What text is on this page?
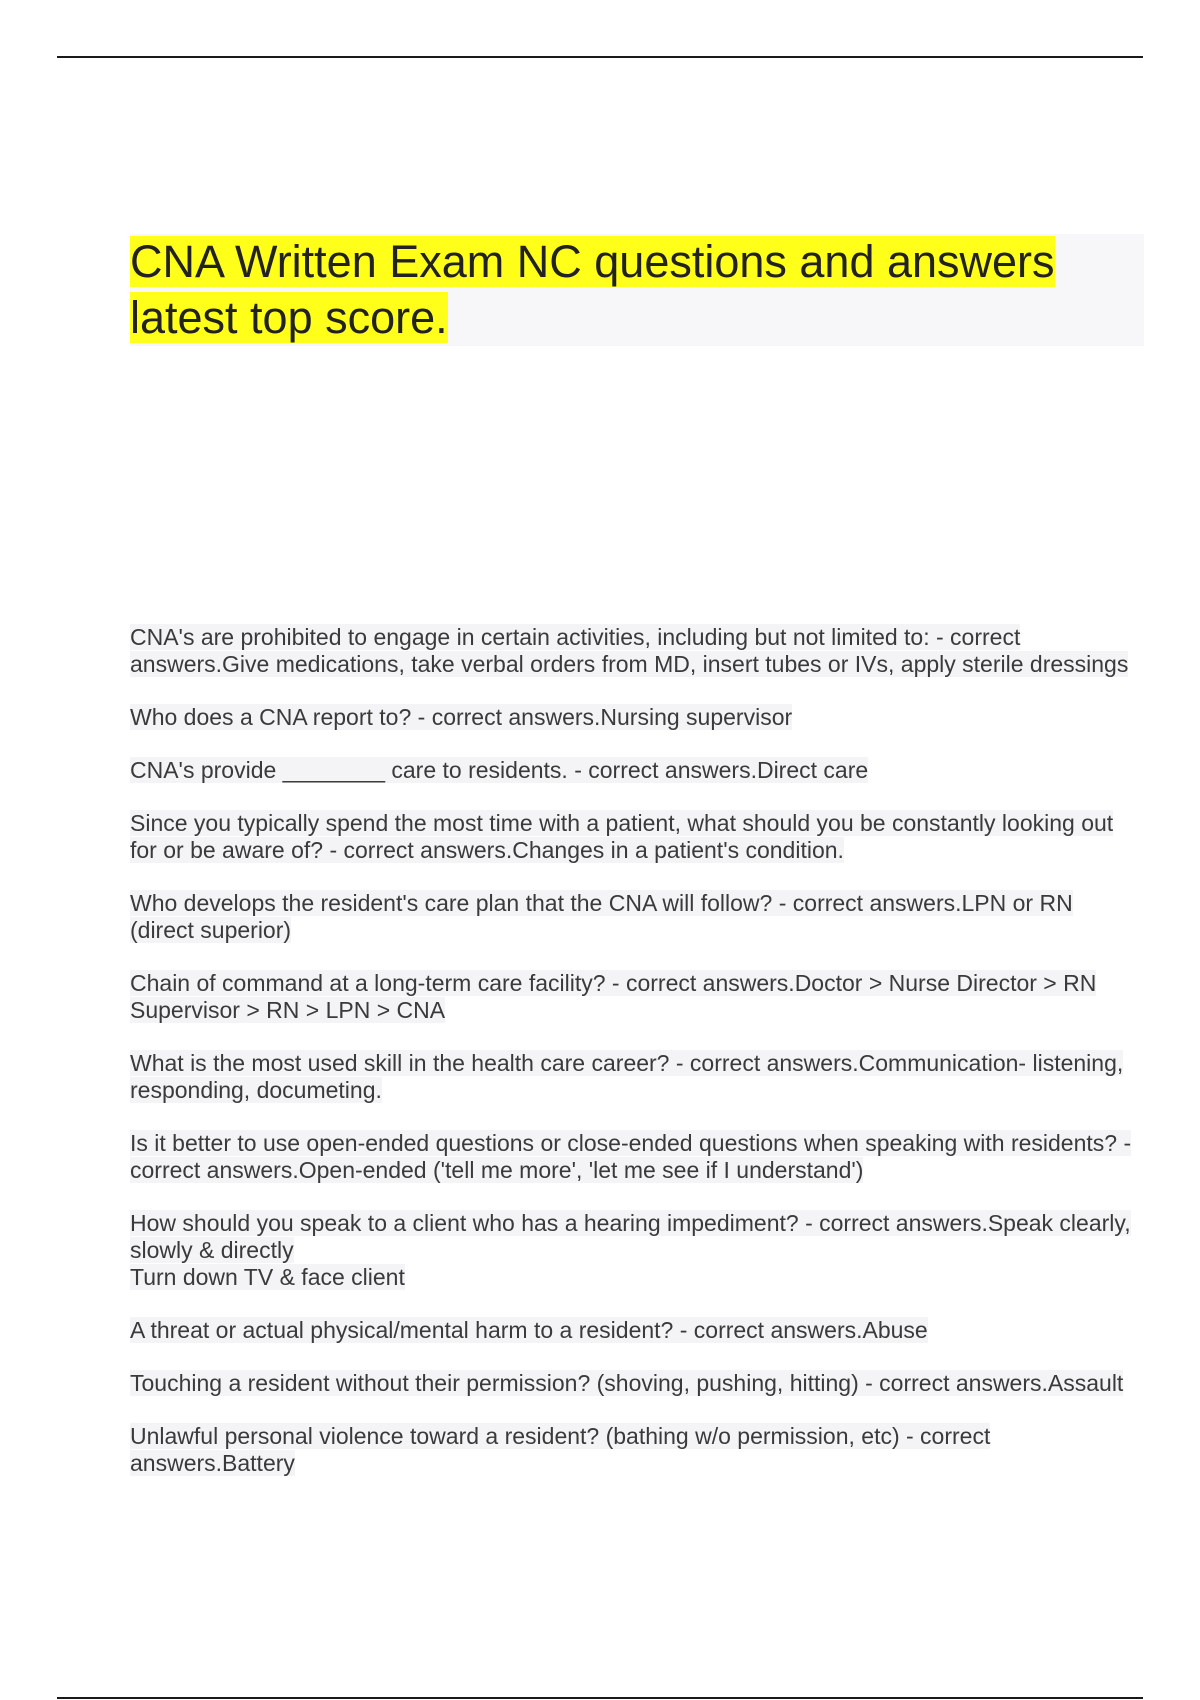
CNA Written Exam NC questions and answers latest top score.

CNA's are prohibited to engage in certain activities, including but not limited to: - correct answers.Give medications, take verbal orders from MD, insert tubes or IVs, apply sterile dressings

Who does a CNA report to? - correct answers.Nursing supervisor

CNA's provide ________ care to residents. - correct answers.Direct care

Since you typically spend the most time with a patient, what should you be constantly looking out for or be aware of? - correct answers.Changes in a patient's condition.

Who develops the resident's care plan that the CNA will follow? - correct answers.LPN or RN (direct superior)

Chain of command at a long-term care facility? - correct answers.Doctor > Nurse Director > RN Supervisor > RN > LPN > CNA

What is the most used skill in the health care career? - correct answers.Communication- listening, responding, documeting.

Is it better to use open-ended questions or close-ended questions when speaking with residents? - correct answers.Open-ended ('tell me more', 'let me see if I understand')

How should you speak to a client who has a hearing impediment? - correct answers.Speak clearly, slowly & directly
Turn down TV & face client

A threat or actual physical/mental harm to a resident? - correct answers.Abuse

Touching a resident without their permission? (shoving, pushing, hitting) - correct answers.Assault

Unlawful personal violence toward a resident? (bathing w/o permission, etc) - correct answers.Battery
